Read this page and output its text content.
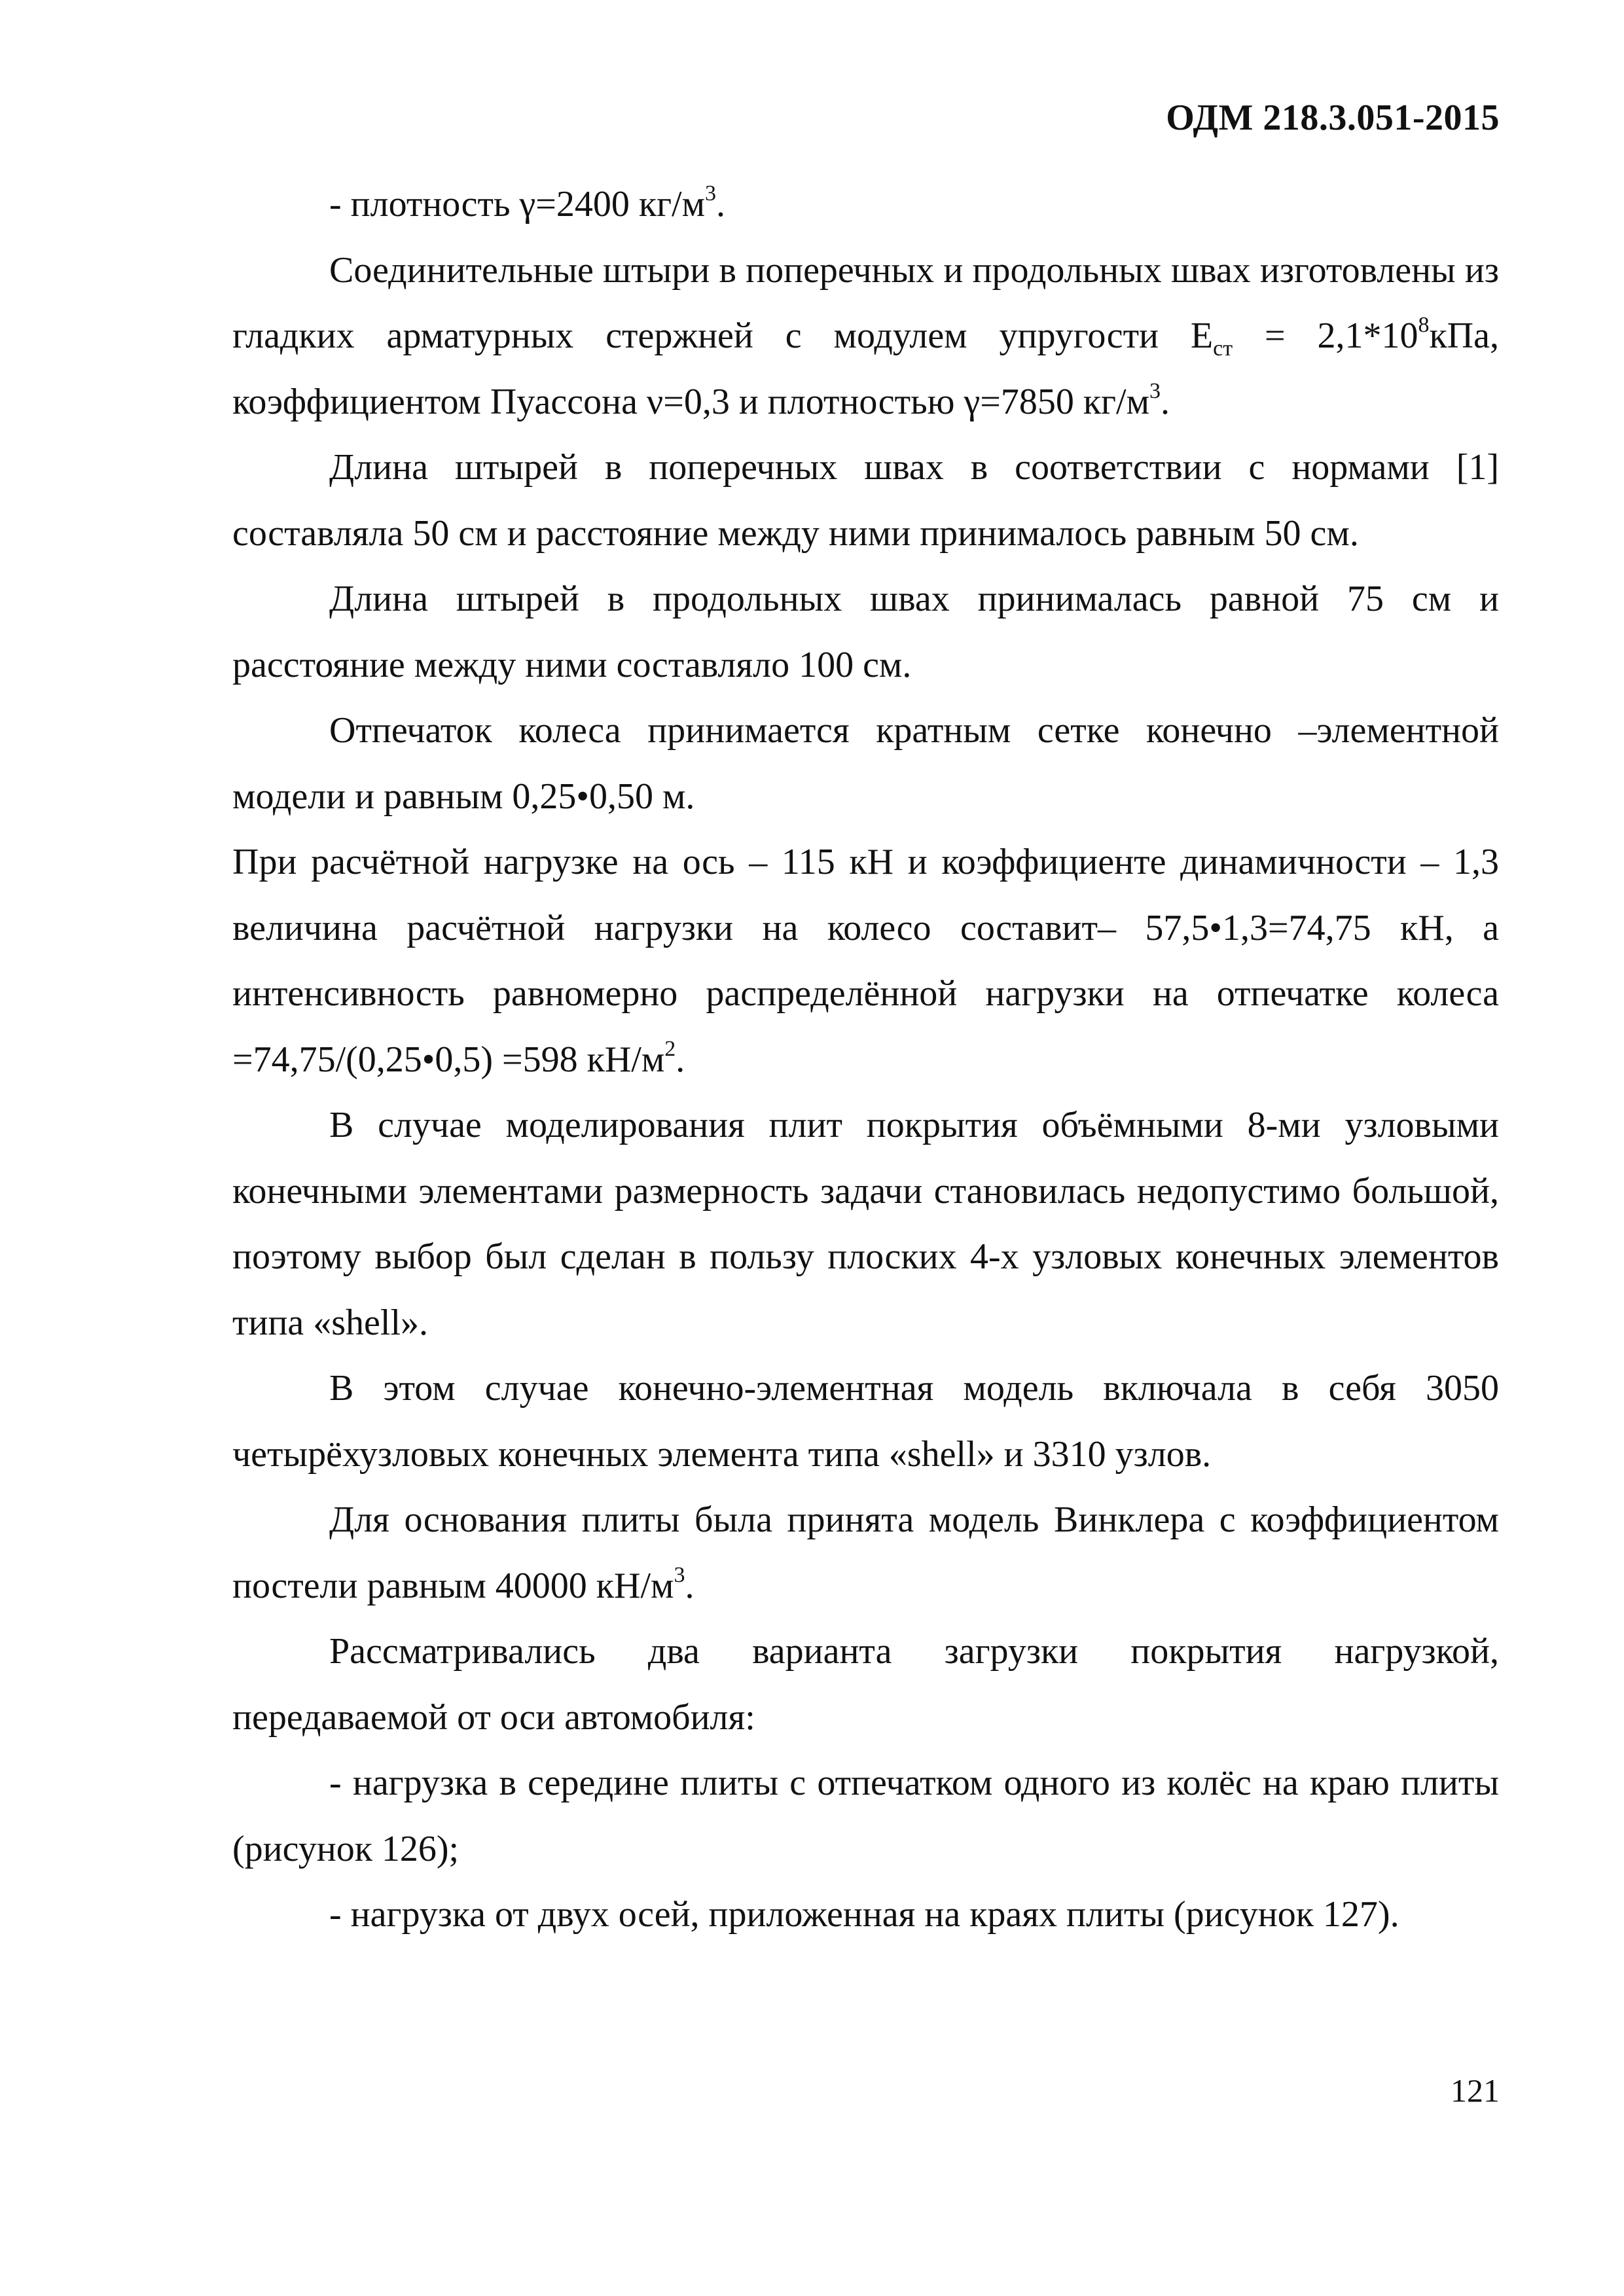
ОДМ 218.3.051-2015

- плотность γ=2400 $кг/м^3$.

Соединительные штыри в поперечных и продольных швах изготовлены из гладких арматурных стержней с модулем упругости $Е_{ст} = 2,1*10^8кПа$, коэффициентом Пуассона ν=0,3 и плотностью γ=7850 $кг/м^3$.

Длина штырей в поперечных швах в соответствии с нормами [1] составляла 50 см и расстояние между ними принималось равным 50 см.

Длина штырей в продольных швах принималась равной 75 см и расстояние между ними составляло 100 см.

Отпечаток колеса принимается кратным сетке конечно –элементной модели и равным 0,25•0,50 м.

При расчётной нагрузке на ось – 115 кН и коэффициенте динамичности – 1,3 величина расчётной нагрузки на колесо составит– 57,5•1,3=74,75 кН, а интенсивность равномерно распределённой нагрузки на отпечатке колеса =74,75/(0,25•0,5) =598 $кН/м^2$.

В случае моделирования плит покрытия объёмными 8-ми узловыми конечными элементами размерность задачи становилась недопустимо большой, поэтому выбор был сделан в пользу плоских 4-х узловых конечных элементов типа «shell».

В этом случае конечно-элементная модель включала в себя 3050 четырёхузловых конечных элемента типа «shell» и 3310 узлов.

Для основания плиты была принята модель Винклера с коэффициентом постели равным 40000 $кН/м^3$.

Рассматривались два варианта загрузки покрытия нагрузкой, передаваемой от оси автомобиля:

- нагрузка в середине плиты с отпечатком одного из колёс на краю плиты (рисунок 126);

- нагрузка от двух осей, приложенная на краях плиты (рисунок 127).

121
